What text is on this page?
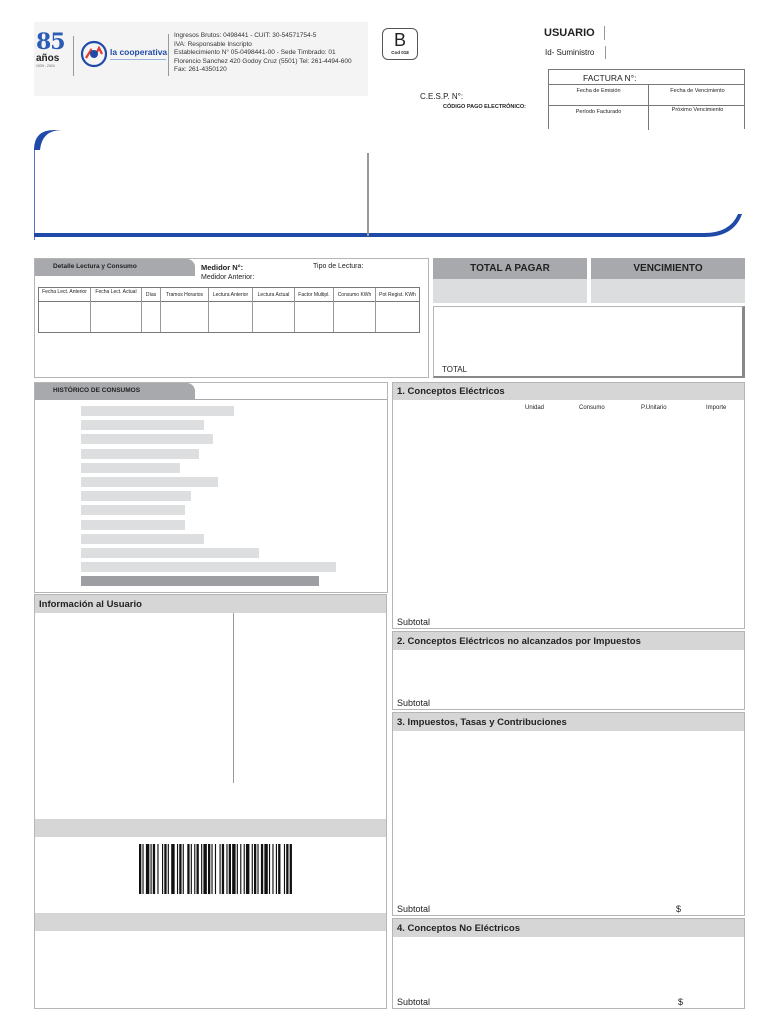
85
años
1939 - 2024
la cooperativa
Ingresos Brutos: 0498441 - CUIT: 30-54571754-5
IVA: Responsable Inscripto
Establecimiento N° 05-0498441-00 - Sede Timbrado: 01
Florencio Sanchez 420 Godoy Cruz (5501) Tel: 261-4494-600
Fax: 261-4350120
B
Cod 018
USUARIO
Id- Suministro
FACTURA N°:
Fecha de Emisión	Fecha de Vencimiento
Período Facturado	Próximo Vencimiento
C.E.S.P. N°:
CÓDIGO PAGO ELECTRÓNICO:
Detalle Lectura y Consumo	Medidor N°:
Medidor Anterior:
Tipo de Lectura:
Fecha Lect. Anterior	Fecha Lect. Actual	Días	Tramos Horarios	Lectura Anterior	Lectura Actual	Factor Multipl.	Consumo KWh	Pot Regist. KWh
TOTAL A PAGAR	VENCIMIENTO
TOTAL
HISTÓRICO DE CONSUMOS
Información al Usuario
1. Conceptos Eléctricos
Unidad	Consumo	P.Unitario	Importe
Subtotal
2. Conceptos Eléctricos no alcanzados por Impuestos
Subtotal
3. Impuestos, Tasas y Contribuciones
Subtotal	$
4. Conceptos No Eléctricos
Subtotal	$
